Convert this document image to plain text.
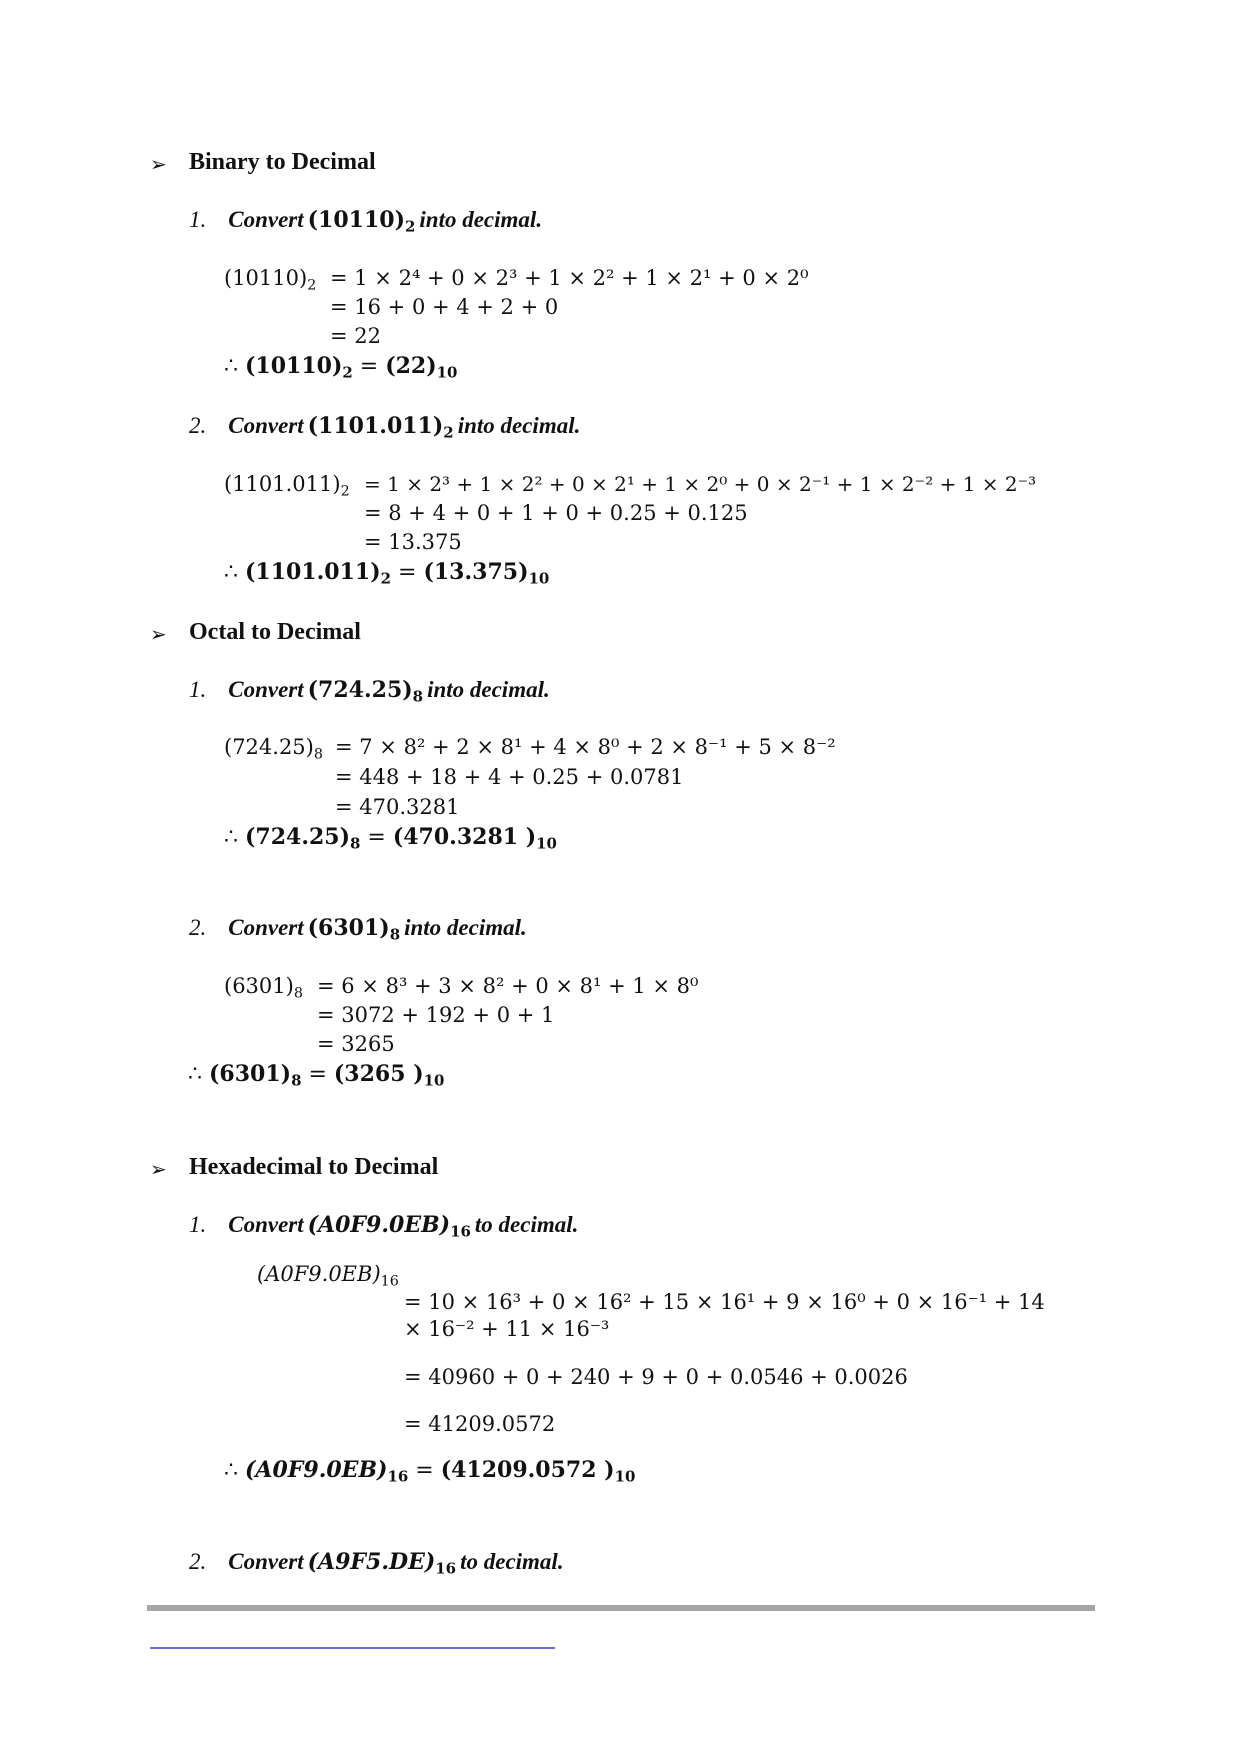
➢ Binary to Decimal
1. Convert $(10110)_2$ into decimal.
$(10110)_2 = 1 \times 2^4 + 0 \times 2^3 + 1 \times 2^2 + 1 \times 2^1 + 0 \times 2^0$
= 16 + 0 + 4 + 2 + 0
= 22
∴ $(10110)_2 = (22)_{10}$
2. Convert $(1101.011)_2$ into decimal.
$(1101.011)_2 = 1 \times 2^3 + 1 \times 2^2 + 0 \times 2^1 + 1 \times 2^0 + 0 \times 2^{-1} + 1 \times 2^{-2} + 1 \times 2^{-3}$
= 8 + 4 + 0 + 1 + 0 + 0.25 + 0.125
= 13.375
∴ $(1101.011)_2 = (13.375)_{10}$
➢ Octal to Decimal
1. Convert $(724.25)_8$ into decimal.
$(724.25)_8 = 7 \times 8^2 + 2 \times 8^1 + 4 \times 8^0 + 2 \times 8^{-1} + 5 \times 8^{-2}$
= 448 + 18 + 4 + 0.25 + 0.0781
= 470.3281
∴ $(724.25)_8 = (470.3281$ )$_{10}$
2. Convert $(6301)_8$ into decimal.
$(6301)_8 = 6 \times 8^3 + 3 \times 8^2 + 0 \times 8^1 + 1 \times 8^0$
= 3072 + 192 + 0 + 1
= 3265
∴ $(6301)_8 = (3265$ )$_{10}$
➢ Hexadecimal to Decimal
1. Convert $(A0F9.0EB)_{16}$ to decimal.
$(A0F9.0EB)_{16}$
= 10 × 16³ + 0 × 16² + 15 × 16¹ + 9 × 16⁰ + 0 × 16⁻¹ + 14
× 16⁻² + 11 × 16⁻³
= 40960 + 0 + 240 + 9 + 0 + 0.0546 + 0.0026
= 41209.0572
∴ $(A0F9.0EB)_{16} = (41209.0572$ )$_{10}$
2. Convert $(A9F5.DE)_{16}$ to decimal.
